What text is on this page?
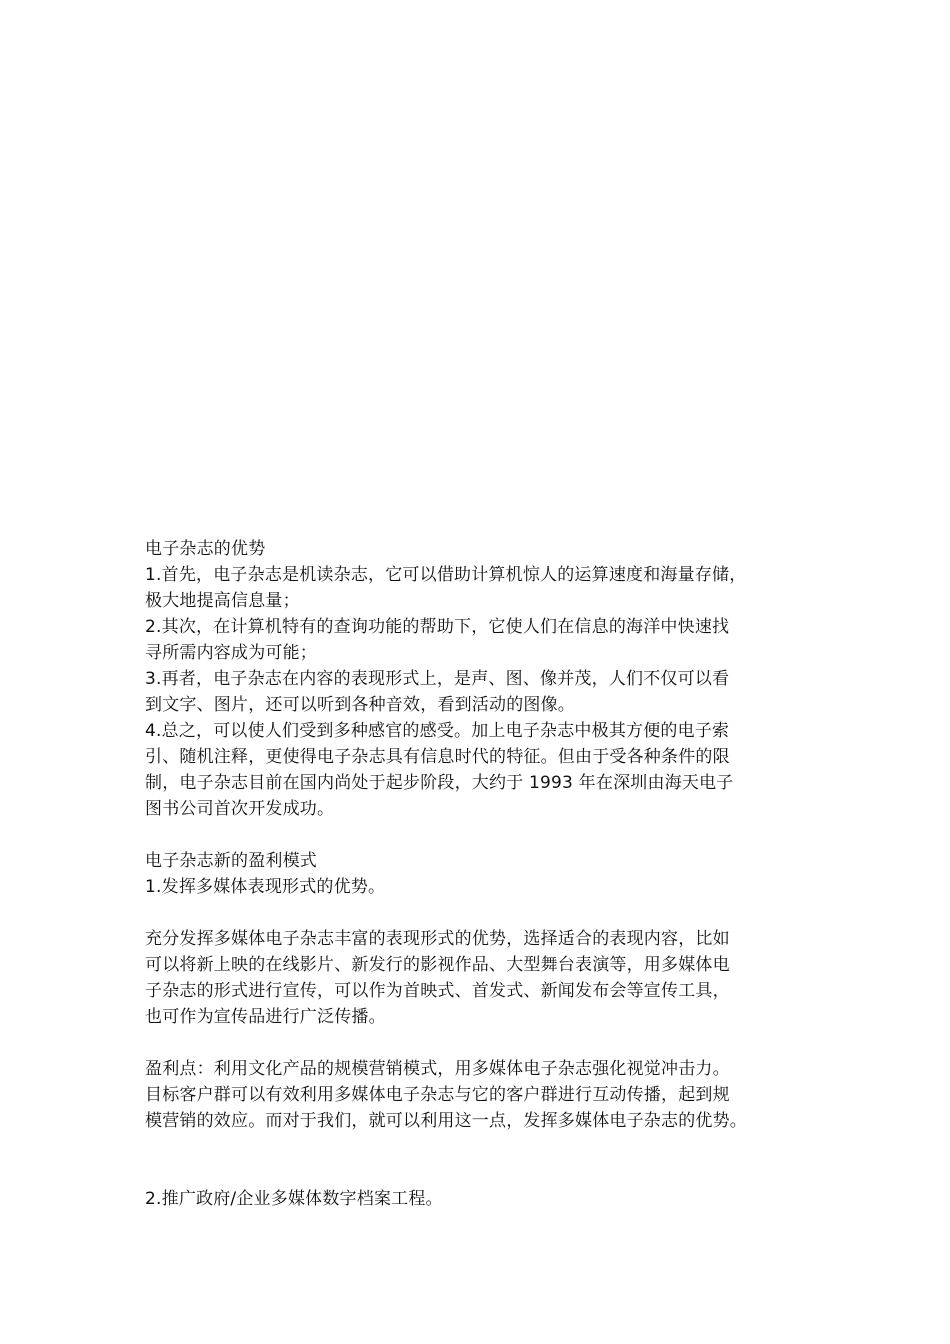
电子杂志的优势
1.首先，电子杂志是机读杂志，它可以借助计算机惊人的运算速度和海量存储，
极大地提高信息量；
2.其次，在计算机特有的查询功能的帮助下，它使人们在信息的海洋中快速找
寻所需内容成为可能；
3.再者，电子杂志在内容的表现形式上，是声、图、像并茂，人们不仅可以看
到文字、图片，还可以听到各种音效，看到活动的图像。
4.总之，可以使人们受到多种感官的感受。加上电子杂志中极其方便的电子索
引、随机注释，更使得电子杂志具有信息时代的特征。但由于受各种条件的限
制，电子杂志目前在国内尚处于起步阶段，大约于 1993 年在深圳由海天电子
图书公司首次开发成功。
电子杂志新的盈利模式
1.发挥多媒体表现形式的优势。
充分发挥多媒体电子杂志丰富的表现形式的优势，选择适合的表现内容，比如
可以将新上映的在线影片、新发行的影视作品、大型舞台表演等，用多媒体电
子杂志的形式进行宣传，可以作为首映式、首发式、新闻发布会等宣传工具，
也可作为宣传品进行广泛传播。
盈利点：利用文化产品的规模营销模式，用多媒体电子杂志强化视觉冲击力。
目标客户群可以有效利用多媒体电子杂志与它的客户群进行互动传播，起到规
模营销的效应。而对于我们，就可以利用这一点，发挥多媒体电子杂志的优势。
2.推广政府/企业多媒体数字档案工程。
